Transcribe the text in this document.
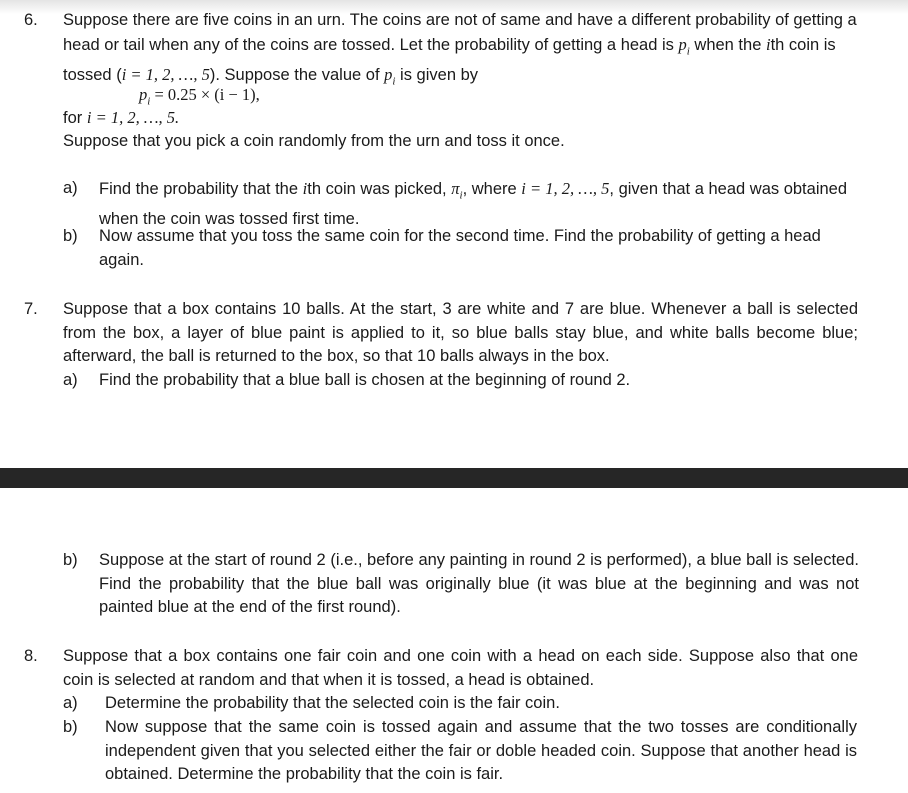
6. Suppose there are five coins in an urn. The coins are not of same and have a different probability of getting a head or tail when any of the coins are tossed. Let the probability of getting a head is $p_i$ when the ith coin is tossed (i = 1, 2, …, 5). Suppose the value of $p_i$ is given by
$p_i = 0.25 \times (i - 1)$,
for i = 1, 2, …, 5.
Suppose that you pick a coin randomly from the urn and toss it once.
a) Find the probability that the ith coin was picked, $\pi_i$, where i = 1, 2, …, 5, given that a head was obtained when the coin was tossed first time.
b) Now assume that you toss the same coin for the second time. Find the probability of getting a head again.
7. Suppose that a box contains 10 balls. At the start, 3 are white and 7 are blue. Whenever a ball is selected from the box, a layer of blue paint is applied to it, so blue balls stay blue, and white balls become blue; afterward, the ball is returned to the box, so that 10 balls always in the box.
a) Find the probability that a blue ball is chosen at the beginning of round 2.
b) Suppose at the start of round 2 (i.e., before any painting in round 2 is performed), a blue ball is selected. Find the probability that the blue ball was originally blue (it was blue at the beginning and was not painted blue at the end of the first round).
8. Suppose that a box contains one fair coin and one coin with a head on each side. Suppose also that one coin is selected at random and that when it is tossed, a head is obtained.
a) Determine the probability that the selected coin is the fair coin.
b) Now suppose that the same coin is tossed again and assume that the two tosses are conditionally independent given that you selected either the fair or doble headed coin. Suppose that another head is obtained. Determine the probability that the coin is fair.
